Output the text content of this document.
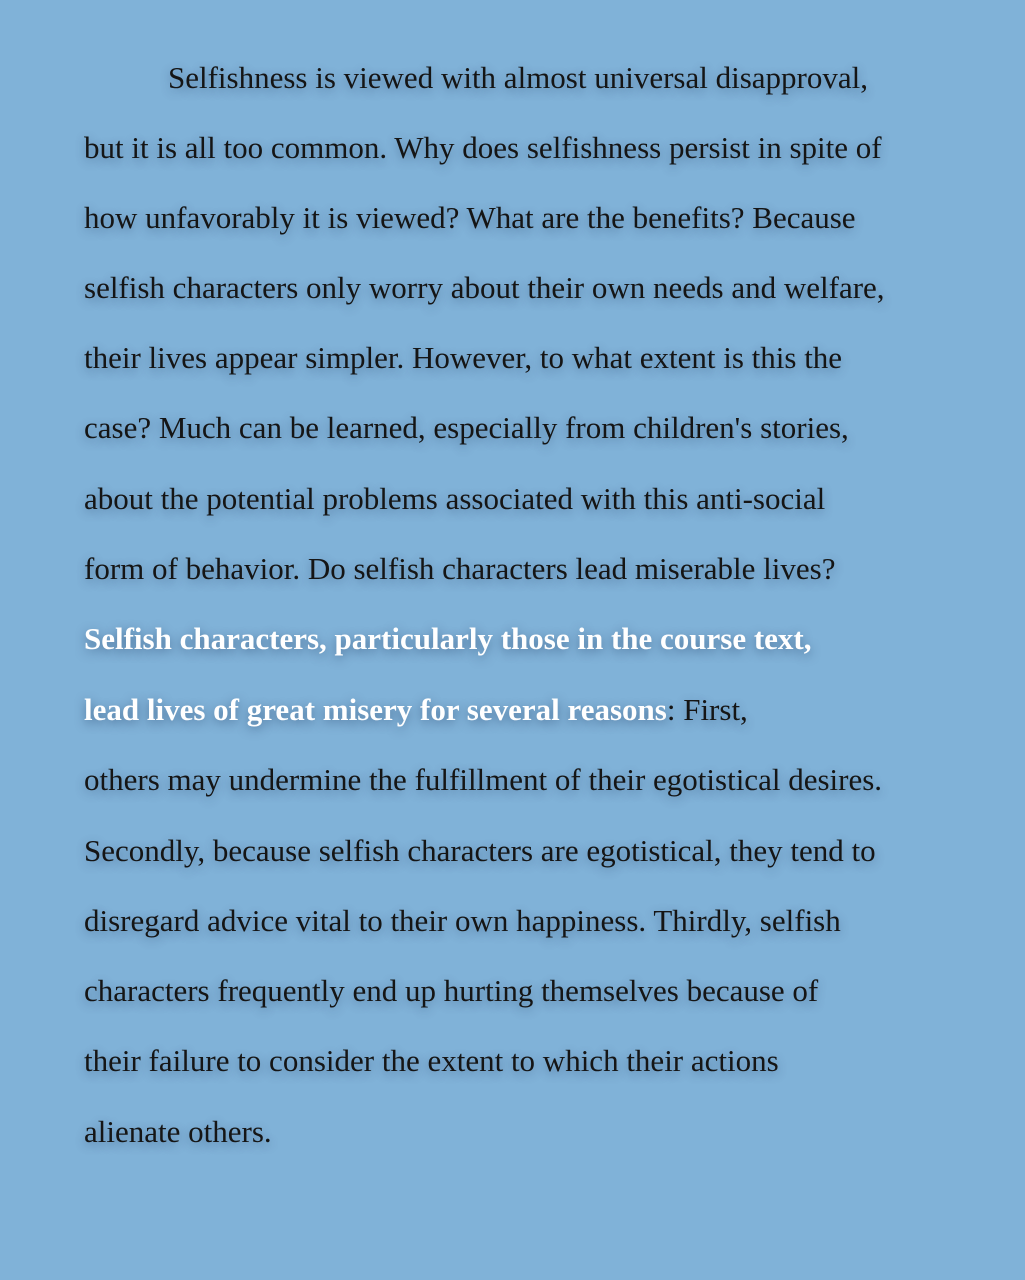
Selfishness is viewed with almost universal disapproval,
but it is all too common. Why does selfishness persist in spite of
how unfavorably it is viewed? What are the benefits? Because
selfish characters only worry about their own needs and welfare,
their lives appear simpler. However, to what extent is this the
case? Much can be learned, especially from children's stories,
about the potential problems associated with this anti-social
form of behavior. Do selfish characters lead miserable lives?
Selfish characters, particularly those in the course text,
lead lives of great misery for several reasons: First,
others may undermine the fulfillment of their egotistical desires.
Secondly, because selfish characters are egotistical, they tend to
disregard advice vital to their own happiness. Thirdly, selfish
characters frequently end up hurting themselves because of
their failure to consider the extent to which their actions
alienate others.
